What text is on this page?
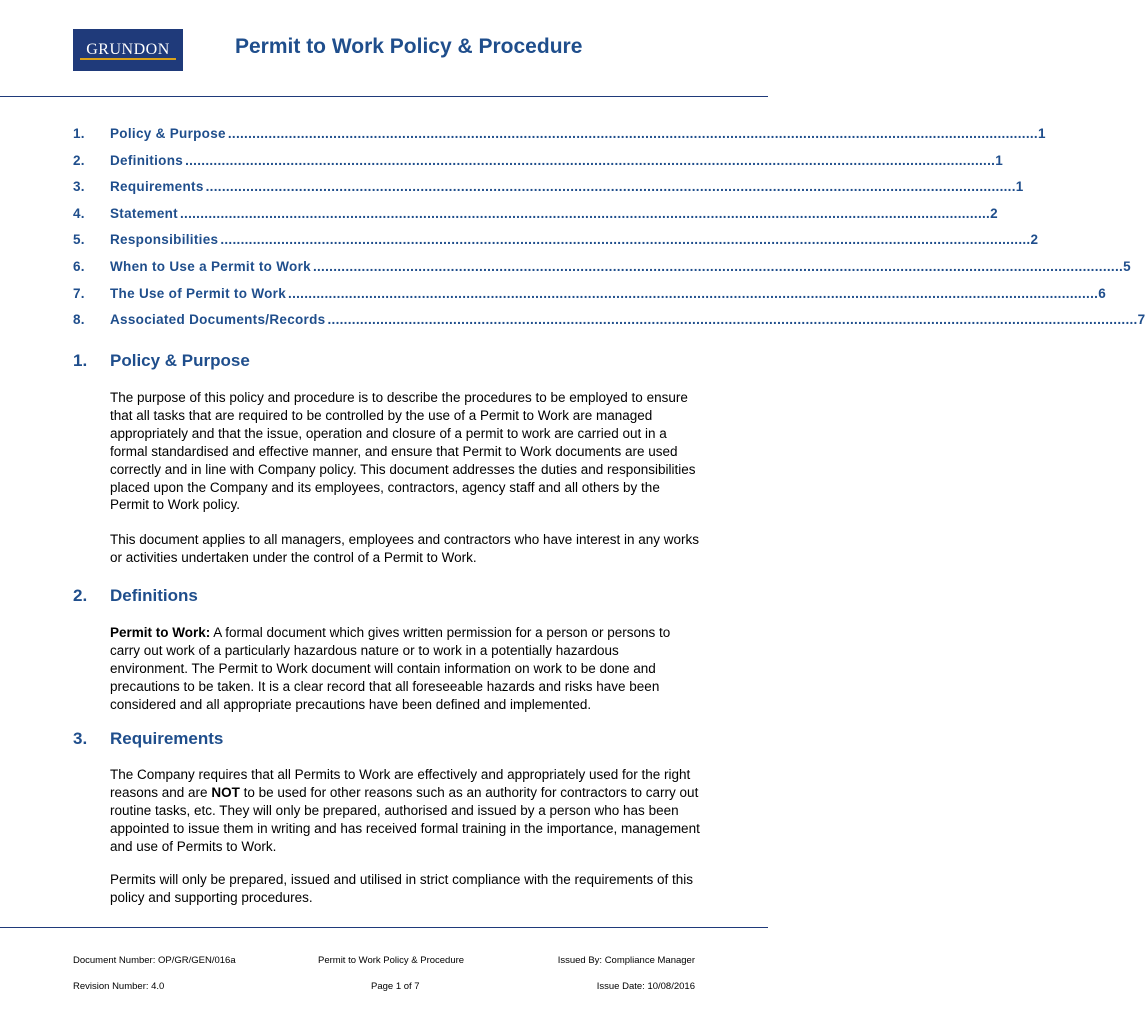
GRUNDON	Permit to Work Policy & Procedure
1.	Policy & Purpose ........................................................................................................................................................................................................ 1
2.	Definitions ........................................................................................................................................................................................................ 1
3.	Requirements ........................................................................................................................................................................................................ 1
4.	Statement ........................................................................................................................................................................................................ 2
5.	Responsibilities ........................................................................................................................................................................................................ 2
6.	When to Use a Permit to Work ........................................................................................................................................................................................................ 5
7.	The Use of Permit to Work ........................................................................................................................................................................................................ 6
8.	Associated Documents/Records ........................................................................................................................................................................................................ 7
1. Policy & Purpose
The purpose of this policy and procedure is to describe the procedures to be employed to ensure that all tasks that are required to be controlled by the use of a Permit to Work are managed appropriately and that the issue, operation and closure of a permit to work are carried out in a formal standardised and effective manner, and ensure that Permit to Work documents are used correctly and in line with Company policy. This document addresses the duties and responsibilities placed upon the Company and its employees, contractors, agency staff and all others by the Permit to Work policy.
This document applies to all managers, employees and contractors who have interest in any works or activities undertaken under the control of a Permit to Work.
2. Definitions
Permit to Work: A formal document which gives written permission for a person or persons to carry out work of a particularly hazardous nature or to work in a potentially hazardous environment. The Permit to Work document will contain information on work to be done and precautions to be taken. It is a clear record that all foreseeable hazards and risks have been considered and all appropriate precautions have been defined and implemented.
3. Requirements
The Company requires that all Permits to Work are effectively and appropriately used for the right reasons and are NOT to be used for other reasons such as an authority for contractors to carry out routine tasks, etc. They will only be prepared, authorised and issued by a person who has been appointed to issue them in writing and has received formal training in the importance, management and use of Permits to Work.
Permits will only be prepared, issued and utilised in strict compliance with the requirements of this policy and supporting procedures.
Document Number: OP/GR/GEN/016a	Permit to Work Policy & Procedure	Issued By: Compliance Manager
Revision Number: 4.0	Page 1 of 7	Issue Date: 10/08/2016
